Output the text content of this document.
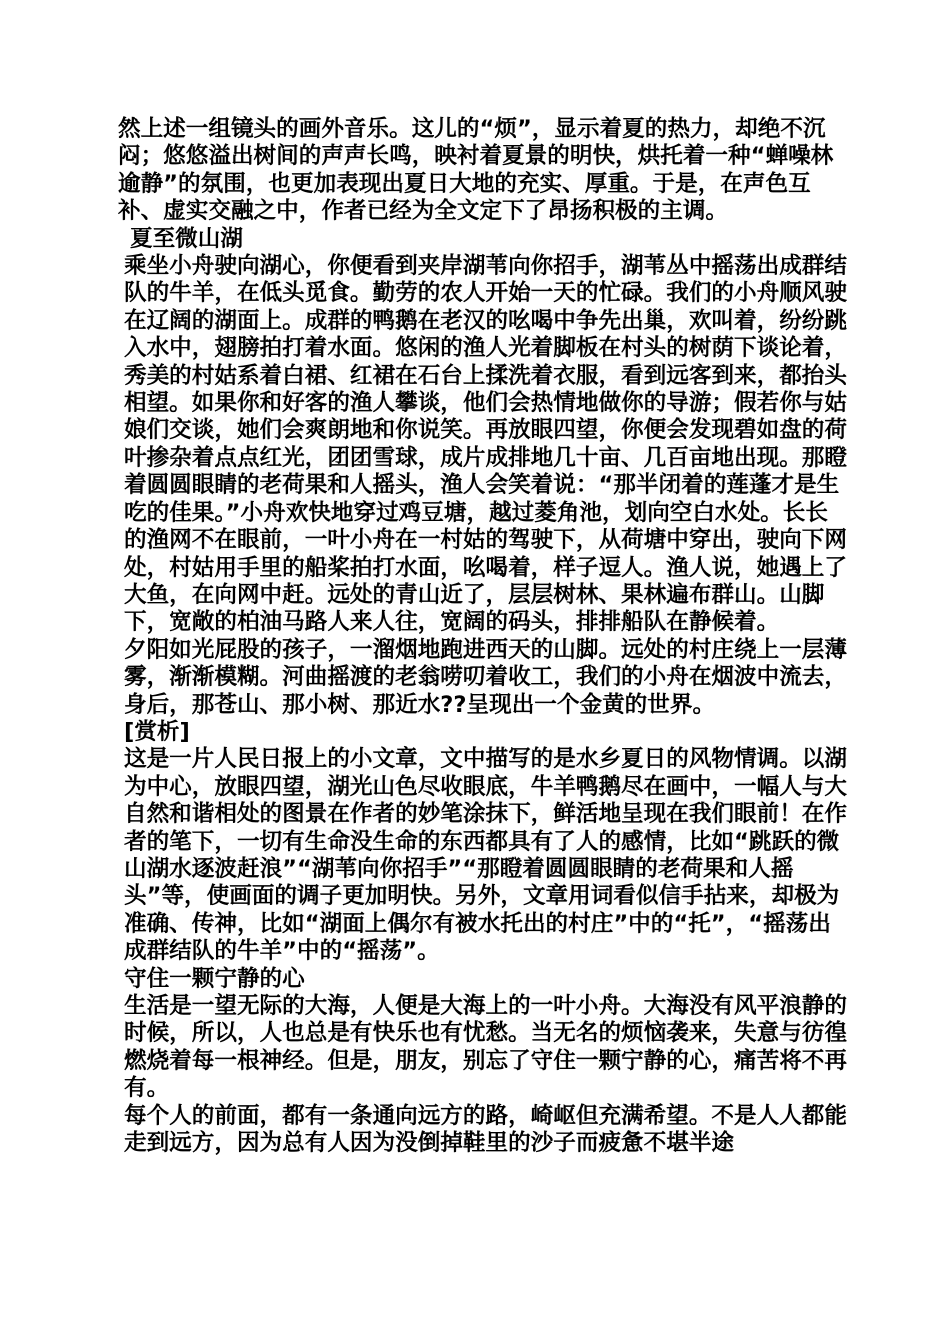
然上述一组镜头的画外音乐。这儿的“烦”，显示着夏的热力，却绝不沉闷；悠悠溢出树间的声声长鸣，映衬着夏景的明快，烘托着一种“蝉噪林逾静”的氛围，也更加表现出夏日大地的充实、厚重。于是，在声色互补、虚实交融之中，作者已经为全文定下了昂扬积极的主调。

夏至微山湖

乘坐小舟驶向湖心，你便看到夹岸湖苇向你招手，湖苇丛中摇荡出成群结队的牛羊，在低头觅食。勤劳的农人开始一天的忙碌。我们的小舟顺风驶在辽阔的湖面上。成群的鸭鹅在老汉的吆喝中争先出巢，欢叫着，纷纷跳入水中，翅膀拍打着水面。悠闲的渔人光着脚板在村头的树荫下谈论着，秀美的村姑系着白裙、红裙在石台上揉洗着衣服，看到远客到来，都抬头相望。如果你和好客的渔人攀谈，他们会热情地做你的导游；假若你与姑娘们交谈，她们会爽朗地和你说笑。再放眼四望，你便会发现碧如盘的荷叶掺杂着点点红光，团团雪球，成片成排地几十亩、几百亩地出现。那瞪着圆圆眼睛的老荷果和人摇头，渔人会笑着说：“那半闭着的莲蓬才是生吃的佳果。”小舟欢快地穿过鸡豆塘，越过菱角池，划向空白水处。长长的渔网不在眼前，一叶小舟在一村姑的驾驶下，从荷塘中穿出，驶向下网处，村姑用手里的船桨拍打水面，吆喝着，样子逗人。渔人说，她遇上了大鱼，在向网中赶。远处的青山近了，层层树林、果林遍布群山。山脚下，宽敞的柏油马路人来人往，宽阔的码头，排排船队在静候着。

夕阳如光屁股的孩子，一溜烟地跑进西天的山脚。远处的村庄绕上一层薄雾，渐渐模糊。河曲摇渡的老翁唠叨着收工，我们的小舟在烟波中流去，身后，那苍山、那小树、那近水??呈现出一个金黄的世界。

[赏析]

这是一片人民日报上的小文章，文中描写的是水乡夏日的风物情调。以湖为中心，放眼四望，湖光山色尽收眼底，牛羊鸭鹅尽在画中，一幅人与大自然和谐相处的图景在作者的妙笔涂抹下，鲜活地呈现在我们眼前！在作者的笔下，一切有生命没生命的东西都具有了人的感情，比如“跳跃的微山湖水逐波赶浪”“湖苇向你招手”“那瞪着圆圆眼睛的老荷果和人摇头”等，使画面的调子更加明快。另外，文章用词看似信手拈来，却极为准确、传神，比如“湖面上偶尔有被水托出的村庄”中的“托”，“摇荡出成群结队的牛羊”中的“摇荡”。

守住一颗宁静的心

生活是一望无际的大海，人便是大海上的一叶小舟。大海没有风平浪静的时候，所以，人也总是有快乐也有忧愁。当无名的烦恼袭来，失意与彷徨燃烧着每一根神经。但是，朋友，别忘了守住一颗宁静的心，痛苦将不再有。

每个人的前面，都有一条通向远方的路，崎岖但充满希望。不是人人都能走到远方，因为总有人因为没倒掉鞋里的沙子而疲惫不堪半途
